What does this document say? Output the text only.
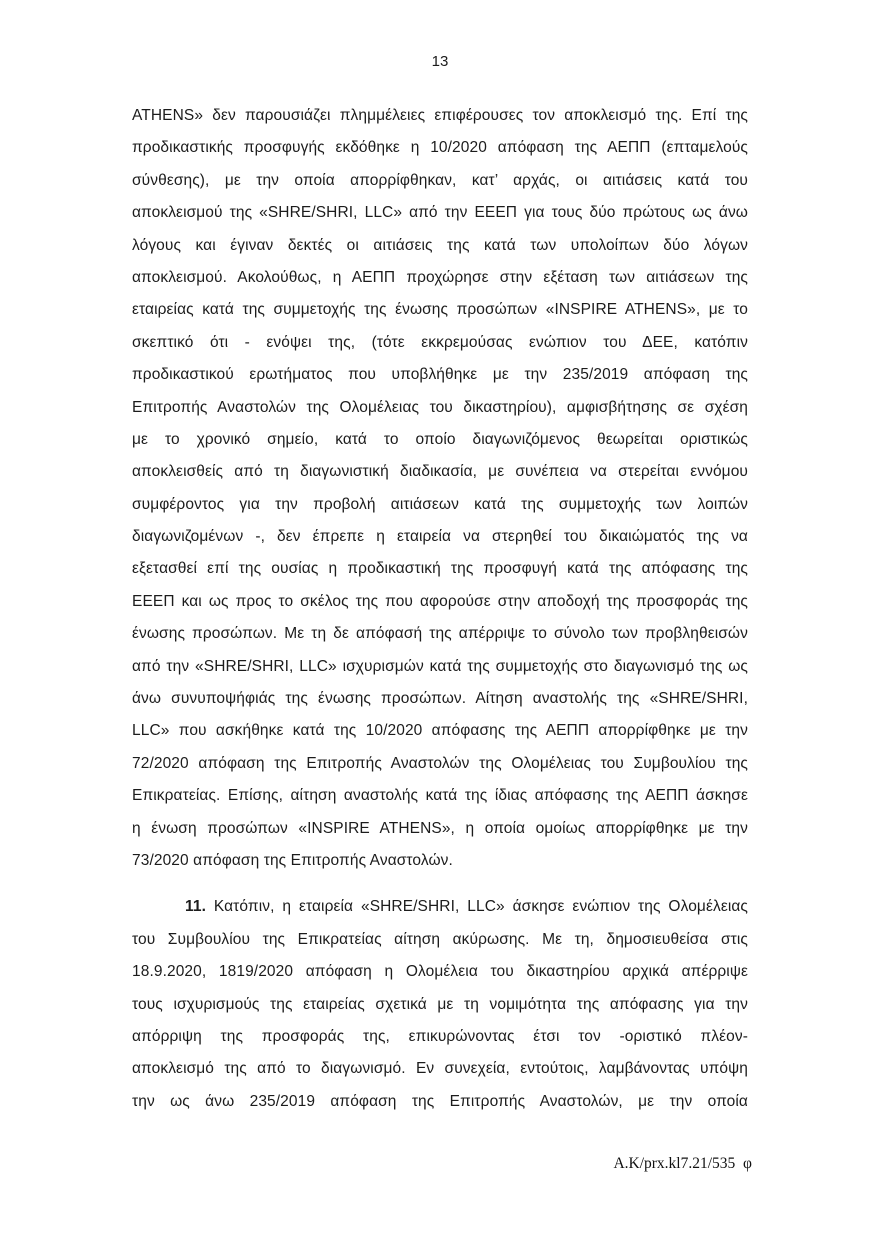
13
ATHENS» δεν παρουσιάζει πλημμέλειες επιφέρουσες τον αποκλεισμό της. Επί της
προδικαστικής προσφυγής εκδόθηκε η 10/2020 απόφαση της ΑΕΠΠ (επταμελούς
σύνθεσης), με την οποία απορρίφθηκαν, κατ’ αρχάς, οι αιτιάσεις κατά του
αποκλεισμού της «SHRE/SHRI, LLC» από την ΕΕΕΠ για τους δύο πρώτους ως άνω
λόγους και έγιναν δεκτές οι αιτιάσεις της κατά των υπολοίπων δύο λόγων
αποκλεισμού. Ακολούθως, η ΑΕΠΠ προχώρησε στην εξέταση των αιτιάσεων της
εταιρείας κατά της συμμετοχής της ένωσης προσώπων «INSPIRE ATHENS», με το
σκεπτικό ότι - ενόψει της, (τότε εκκρεμούσας ενώπιον του ΔΕΕ, κατόπιν
προδικαστικού ερωτήματος που υποβλήθηκε με την 235/2019 απόφαση της
Επιτροπής Αναστολών της Ολομέλειας του δικαστηρίου), αμφισβήτησης σε σχέση
με το χρονικό σημείο, κατά το οποίο διαγωνιζόμενος θεωρείται οριστικώς
αποκλεισθείς από τη διαγωνιστική διαδικασία, με συνέπεια να στερείται εννόμου
συμφέροντος για την προβολή αιτιάσεων κατά της συμμετοχής των λοιπών
διαγωνιζομένων -, δεν έπρεπε η εταιρεία να στερηθεί του δικαιώματός της να
εξετασθεί επί της ουσίας η προδικαστική της προσφυγή κατά της απόφασης της
ΕΕΕΠ και ως προς το σκέλος της που αφορούσε στην αποδοχή της προσφοράς της
ένωσης προσώπων. Με τη δε απόφασή της απέρριψε το σύνολο των προβληθεισών
από την «SHRE/SHRI, LLC» ισχυρισμών κατά της συμμετοχής στο διαγωνισμό της ως
άνω συνυποψήφιάς της ένωσης προσώπων. Αίτηση αναστολής της «SHRE/SHRI,
LLC» που ασκήθηκε κατά της 10/2020 απόφασης της ΑΕΠΠ απορρίφθηκε με την
72/2020 απόφαση της Επιτροπής Αναστολών της Ολομέλειας του Συμβουλίου της
Επικρατείας. Επίσης, αίτηση αναστολής κατά της ίδιας απόφασης της ΑΕΠΠ άσκησε
η ένωση προσώπων «INSPIRE ATHENS», η οποία ομοίως απορρίφθηκε με την
73/2020 απόφαση της Επιτροπής Αναστολών.
11. Κατόπιν, η εταιρεία «SHRE/SHRI, LLC» άσκησε ενώπιον της Ολομέλειας
του Συμβουλίου της Επικρατείας αίτηση ακύρωσης. Με τη, δημοσιευθείσα στις
18.9.2020, 1819/2020 απόφαση η Ολομέλεια του δικαστηρίου αρχικά απέρριψε
τους ισχυρισμούς της εταιρείας σχετικά με τη νομιμότητα της απόφασης για την
απόρριψη της προσφοράς της, επικυρώνοντας έτσι τον -οριστικό πλέον-
αποκλεισμό της από το διαγωνισμό. Εν συνεχεία, εντούτοις, λαμβάνοντας υπόψη
την ως άνω 235/2019 απόφαση της Επιτροπής Αναστολών, με την οποία
Α.Κ/prx.kl7.21/535  φ
